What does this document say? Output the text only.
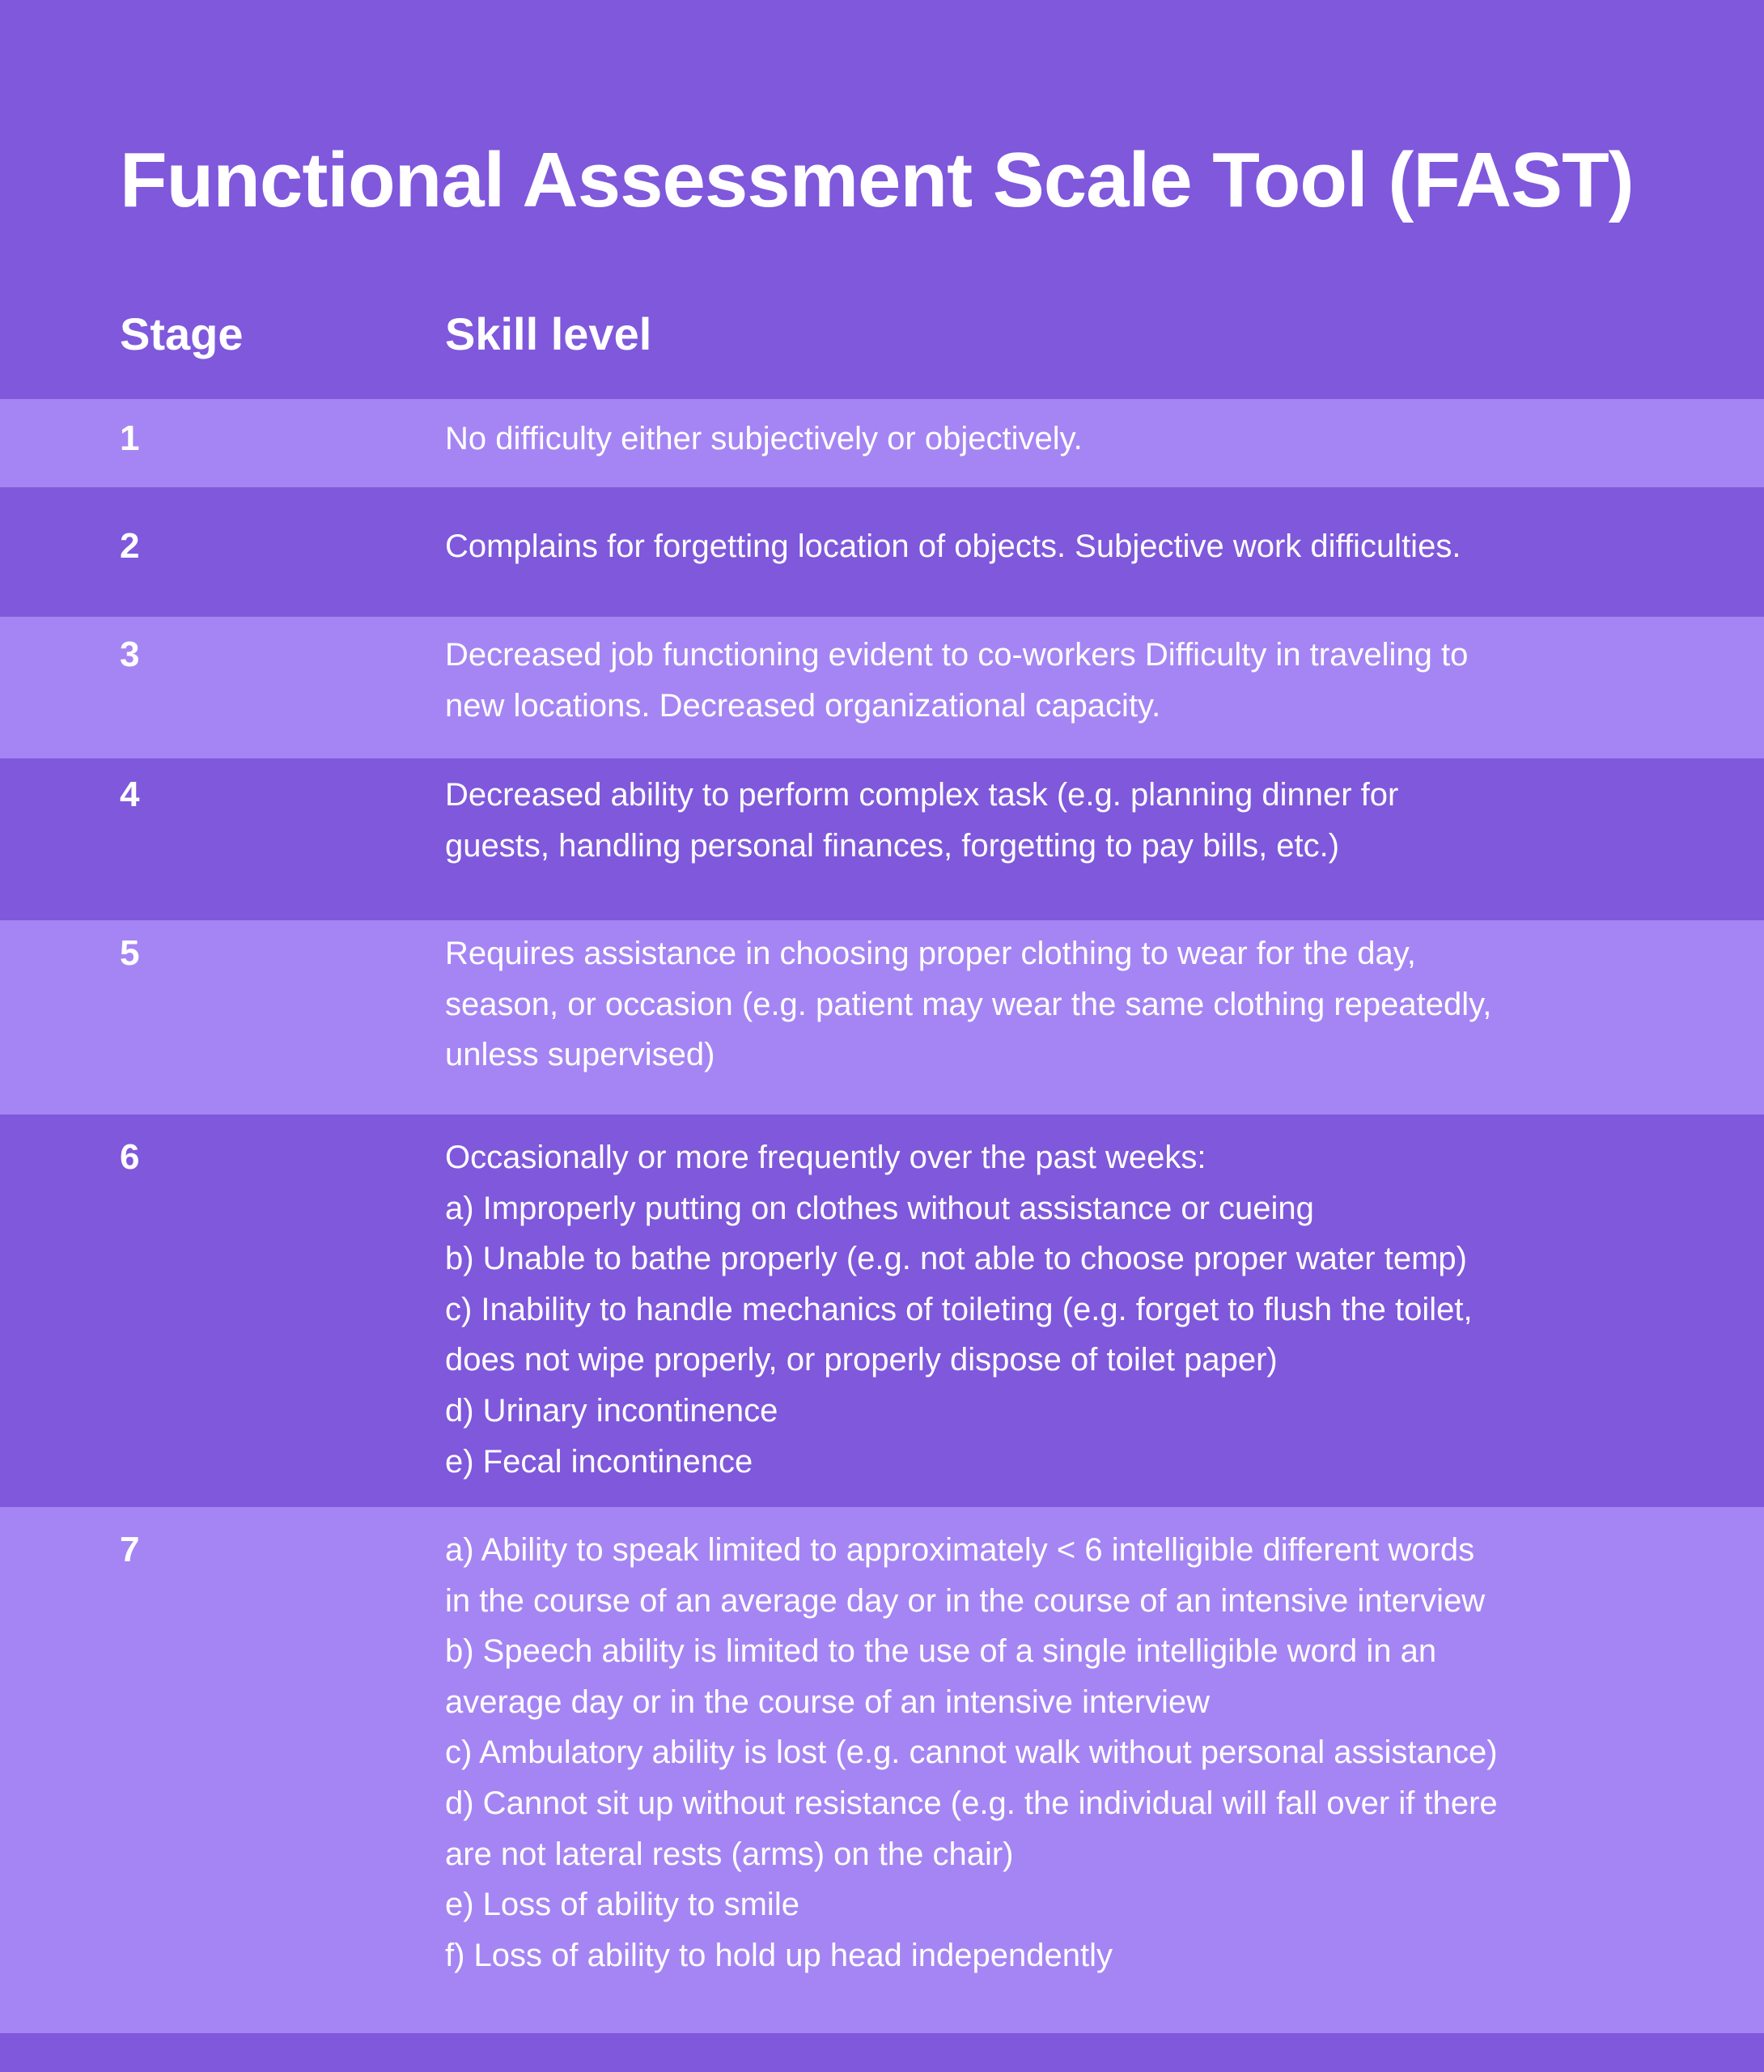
Functional Assessment Scale Tool (FAST)
Stage	Skill level
1	No difficulty either subjectively or objectively.

2	Complains for forgetting location of objects. Subjective work difficulties.

3	Decreased job functioning evident to co-workers Difficulty in traveling to
new locations. Decreased organizational capacity.

4	Decreased ability to perform complex task (e.g. planning dinner for
guests, handling personal finances, forgetting to pay bills, etc.)

5	Requires assistance in choosing proper clothing to wear for the day,
season, or occasion (e.g. patient may wear the same clothing repeatedly,
unless supervised)

6	Occasionally or more frequently over the past weeks:
a) Improperly putting on clothes without assistance or cueing
b) Unable to bathe properly (e.g. not able to choose proper water temp)
c) Inability to handle mechanics of toileting (e.g. forget to flush the toilet,
does not wipe properly, or properly dispose of toilet paper)
d) Urinary incontinence
e) Fecal incontinence

7	a) Ability to speak limited to approximately < 6 intelligible different words
in the course of an average day or in the course of an intensive interview
b) Speech ability is limited to the use of a single intelligible word in an
average day or in the course of an intensive interview
c) Ambulatory ability is lost (e.g. cannot walk without personal assistance)
d) Cannot sit up without resistance (e.g. the individual will fall over if there
are not lateral rests (arms) on the chair)
e) Loss of ability to smile
f) Loss of ability to hold up head independently
